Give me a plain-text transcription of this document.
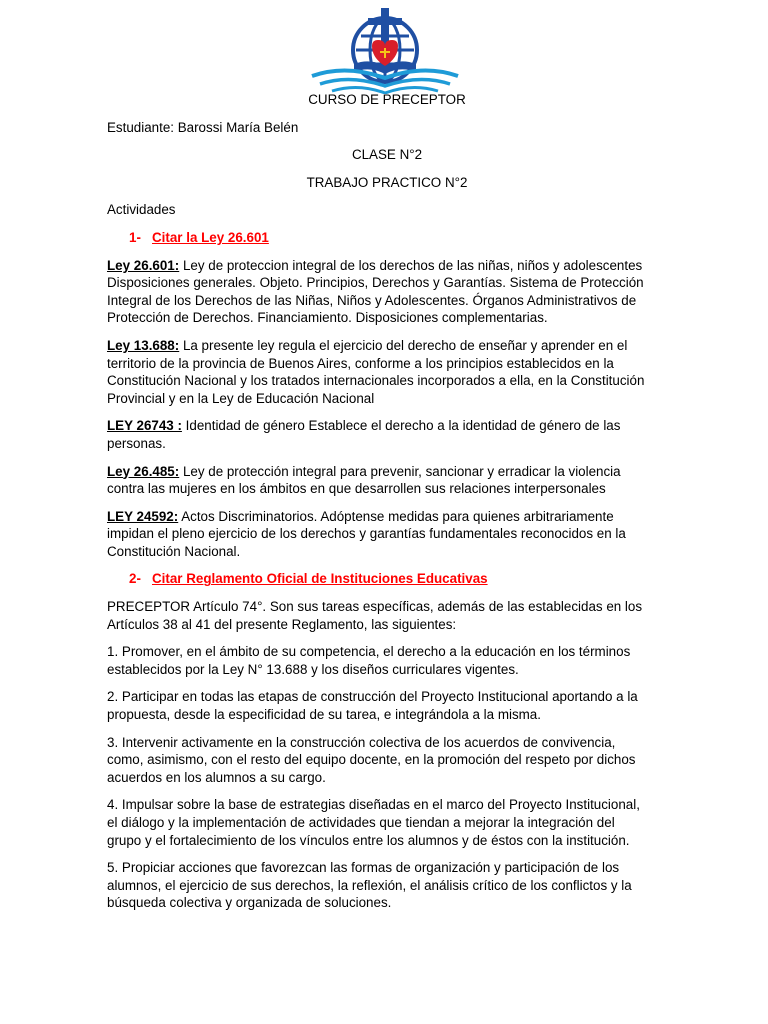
CURSO DE PRECEPTOR

Estudiante: Barossi María Belén

CLASE N°2

TRABAJO PRACTICO N°2

Actividades

1- Citar la Ley 26.601

Ley 26.601: Ley de proteccion integral de los derechos de las niñas, niños y adolescentes
Disposiciones generales. Objeto. Principios, Derechos y Garantías. Sistema de Protección
Integral de los Derechos de las Niñas, Niños y Adolescentes. Órganos Administrativos de
Protección de Derechos. Financiamiento. Disposiciones complementarias.
Ley 13.688: La presente ley regula el ejercicio del derecho de enseñar y aprender en el
territorio de la provincia de Buenos Aires, conforme a los principios establecidos en la
Constitución Nacional y los tratados internacionales incorporados a ella, en la Constitución
Provincial y en la Ley de Educación Nacional
LEY 26743 : Identidad de género Establece el derecho a la identidad de género de las
personas.
Ley 26.485: Ley de protección integral para prevenir, sancionar y erradicar la violencia
contra las mujeres en los ámbitos en que desarrollen sus relaciones interpersonales
LEY 24592: Actos Discriminatorios. Adóptense medidas para quienes arbitrariamente
impidan el pleno ejercicio de los derechos y garantías fundamentales reconocidos en la
Constitución Nacional.

2- Citar Reglamento Oficial de Instituciones Educativas

PRECEPTOR Artículo 74°. Son sus tareas específicas, además de las establecidas en los
Artículos 38 al 41 del presente Reglamento, las siguientes:
1. Promover, en el ámbito de su competencia, el derecho a la educación en los términos
establecidos por la Ley N° 13.688 y los diseños curriculares vigentes.
2. Participar en todas las etapas de construcción del Proyecto Institucional aportando a la
propuesta, desde la especificidad de su tarea, e integrándola a la misma.
3. Intervenir activamente en la construcción colectiva de los acuerdos de convivencia,
como, asimismo, con el resto del equipo docente, en la promoción del respeto por dichos
acuerdos en los alumnos a su cargo.
4. Impulsar sobre la base de estrategias diseñadas en el marco del Proyecto Institucional,
el diálogo y la implementación de actividades que tiendan a mejorar la integración del
grupo y el fortalecimiento de los vínculos entre los alumnos y de éstos con la institución.
5. Propiciar acciones que favorezcan las formas de organización y participación de los
alumnos, el ejercicio de sus derechos, la reflexión, el análisis crítico de los conflictos y la
búsqueda colectiva y organizada de soluciones.
